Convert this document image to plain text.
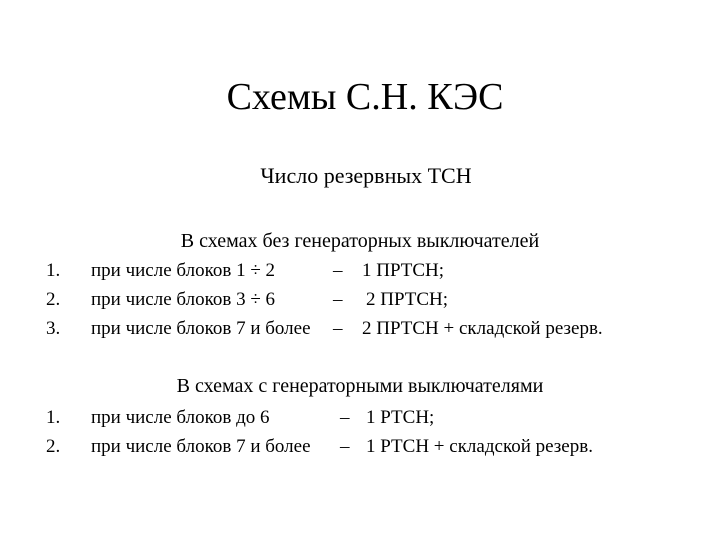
Схемы С.Н. КЭС
Число резервных ТСН
В схемах без генераторных выключателей
1. при числе блоков 1 ÷ 2	– 1 ПРТСН;
2. при числе блоков 3 ÷ 6	– 2 ПРТСН;
3. при числе блоков 7 и более – 2 ПРТСН + складской резерв.
В схемах с генераторными выключателями
1. при числе блоков до 6	– 1 РТСН;
2. при числе блоков 7 и более – 1 РТСН + складской резерв.
